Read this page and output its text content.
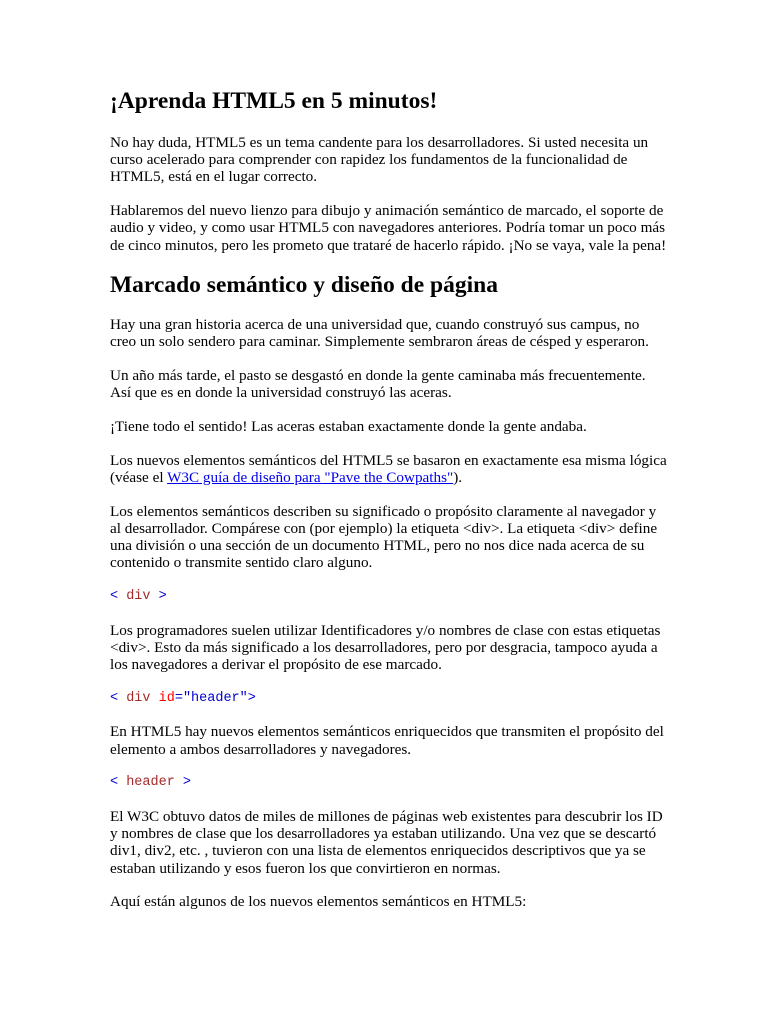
¡Aprenda HTML5 en 5 minutos!

No hay duda, HTML5 es un tema candente para los desarrolladores. Si usted necesita un curso acelerado para comprender con rapidez los fundamentos de la funcionalidad de HTML5, está en el lugar correcto.

Hablaremos del nuevo lienzo para dibujo y animación semántico de marcado, el soporte de audio y video, y como usar HTML5 con navegadores anteriores. Podría tomar un poco más de cinco minutos, pero les prometo que trataré de hacerlo rápido. ¡No se vaya, vale la pena!

Marcado semántico y diseño de página

Hay una gran historia acerca de una universidad que, cuando construyó sus campus, no creo un solo sendero para caminar. Simplemente sembraron áreas de césped y esperaron.

Un año más tarde, el pasto se desgastó en donde la gente caminaba más frecuentemente. Así que es en donde la universidad construyó las aceras.

¡Tiene todo el sentido! Las aceras estaban exactamente donde la gente andaba.

Los nuevos elementos semánticos del HTML5 se basaron en exactamente esa misma lógica (véase el W3C guía de diseño para "Pave the Cowpaths").

Los elementos semánticos describen su significado o propósito claramente al navegador y al desarrollador. Compárese con (por ejemplo) la etiqueta <div>. La etiqueta <div> define una división o una sección de un documento HTML, pero no nos dice nada acerca de su contenido o transmite sentido claro alguno.

< div >

Los programadores suelen utilizar Identificadores y/o nombres de clase con estas etiquetas <div>. Esto da más significado a los desarrolladores, pero por desgracia, tampoco ayuda a los navegadores a derivar el propósito de ese marcado.

< div id="header">

En HTML5 hay nuevos elementos semánticos enriquecidos que transmiten el propósito del elemento a ambos desarrolladores y navegadores.

< header >

El W3C obtuvo datos de miles de millones de páginas web existentes para descubrir los ID y nombres de clase que los desarrolladores ya estaban utilizando. Una vez que se descartó div1, div2, etc. , tuvieron con una lista de elementos enriquecidos descriptivos que ya se estaban utilizando y esos fueron los que convirtieron en normas.

Aquí están algunos de los nuevos elementos semánticos en HTML5:
